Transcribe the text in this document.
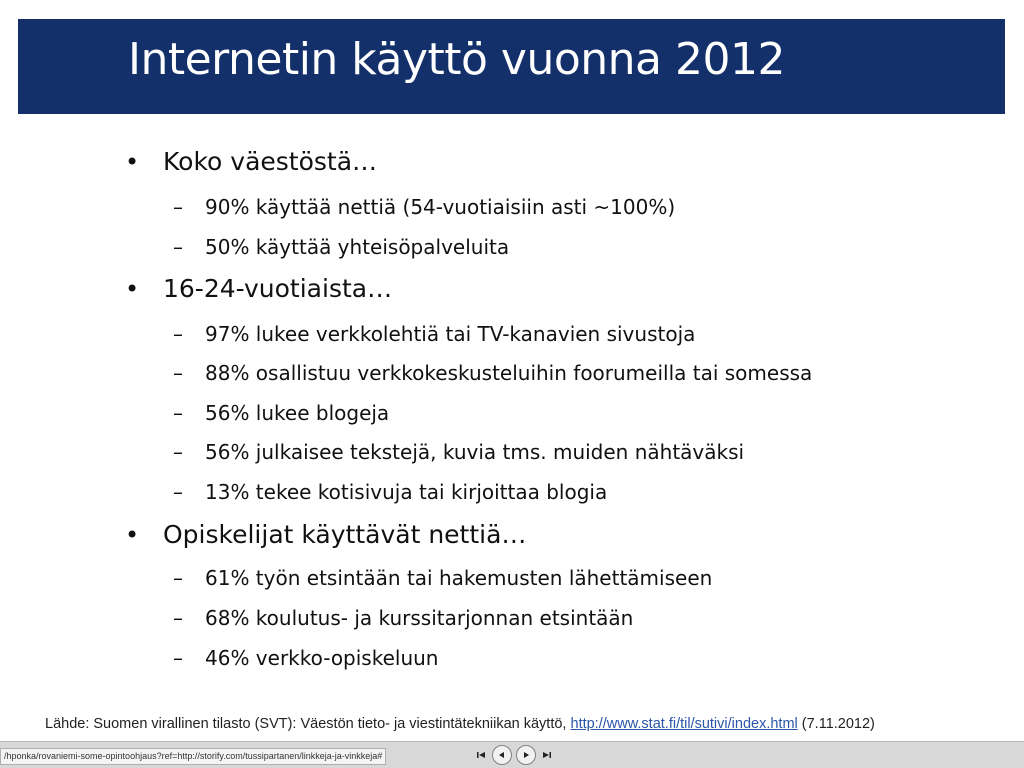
Internetin käyttö vuonna 2012
• Koko väestöstä…
– 90% käyttää nettiä (54-vuotiaisiin asti ~100%)
– 50% käyttää yhteisöpalveluita
• 16-24-vuotiaista…
– 97% lukee verkkolehtiä tai TV-kanavien sivustoja
– 88% osallistuu verkkokeskusteluihin foorumeilla tai somessa
– 56% lukee blogeja
– 56% julkaisee tekstejä, kuvia tms. muiden nähtäväksi
– 13% tekee kotisivuja tai kirjoittaa blogia
• Opiskelijat käyttävät nettiä…
– 61% työn etsintään tai hakemusten lähettämiseen
– 68% koulutus- ja kurssitarjonnan etsintään
– 46% verkko-opiskeluun
Lähde: Suomen virallinen tilasto (SVT): Väestön tieto- ja viestintätekniikan käyttö, http://www.stat.fi/til/sutivi/index.html (7.11.2012)
/hponka/rovaniemi-some-opintoohjaus?ref=http://storify.com/tussipartanen/linkkeja-ja-vinkkeja#
